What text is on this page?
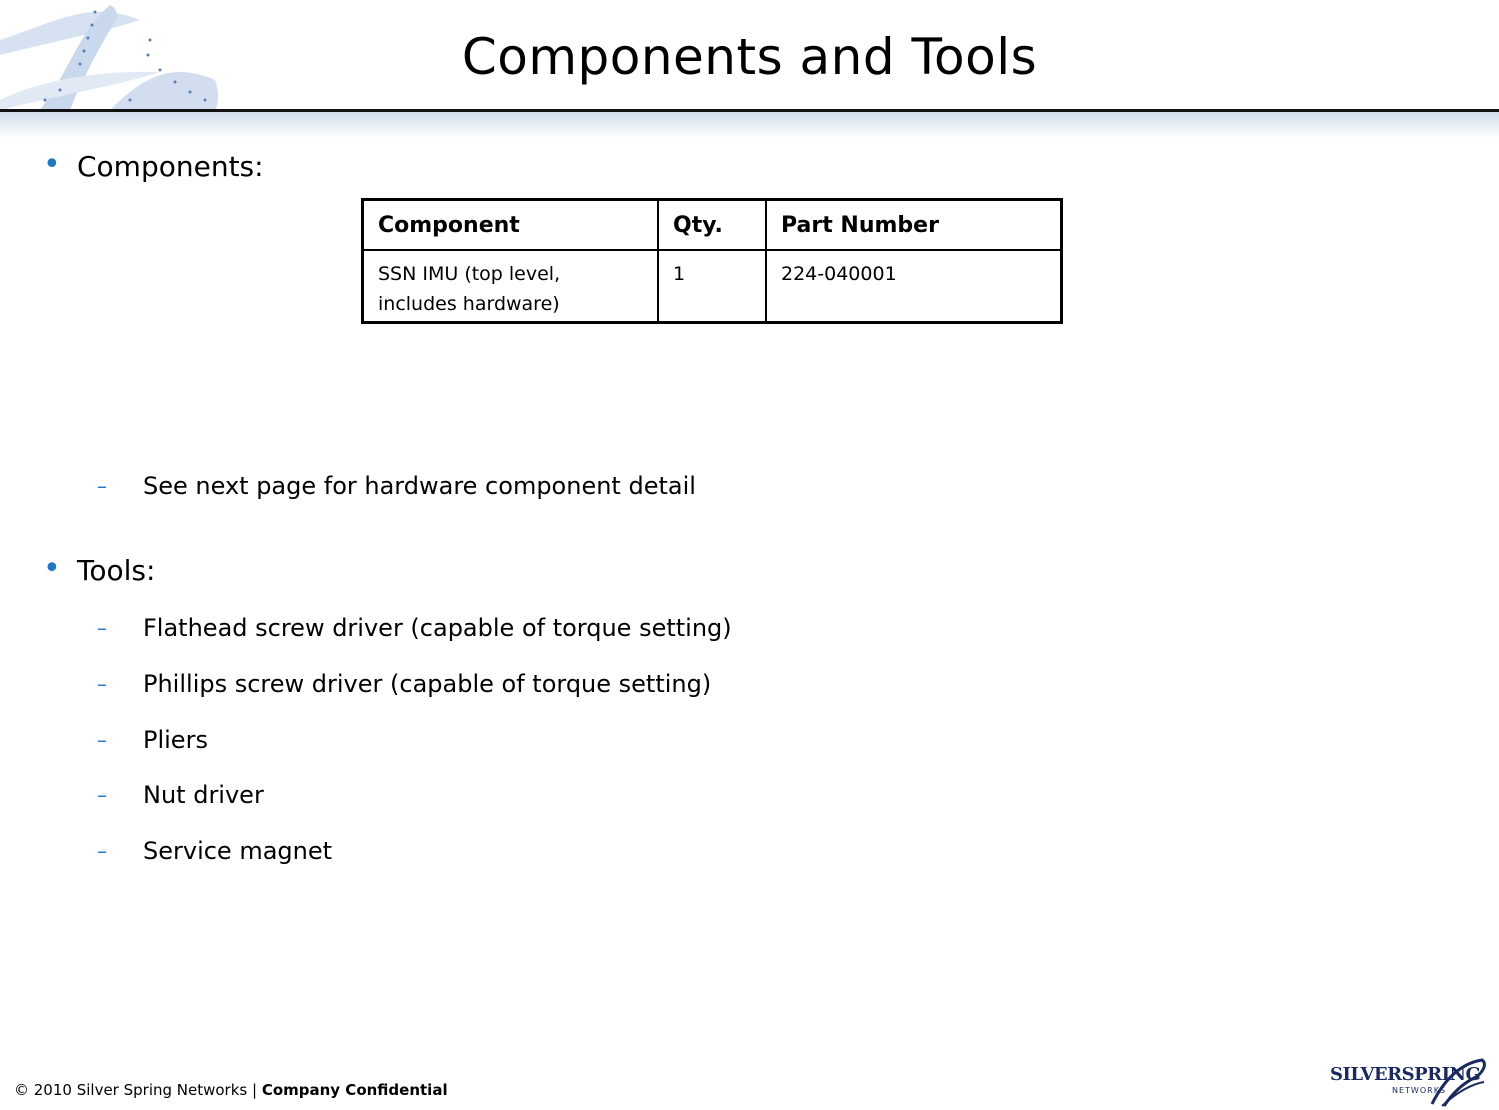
Components and Tools
• Components:
Component	Qty.	Part Number
SSN IMU (top level,
includes hardware)	1	224-040001
– See next page for hardware component detail
• Tools:
– Flathead screw driver (capable of torque setting)
– Phillips screw driver (capable of torque setting)
– Pliers
– Nut driver
– Service magnet
© 2010 Silver Spring Networks | Company Confidential
SILVERSPRING
NETWORKS
